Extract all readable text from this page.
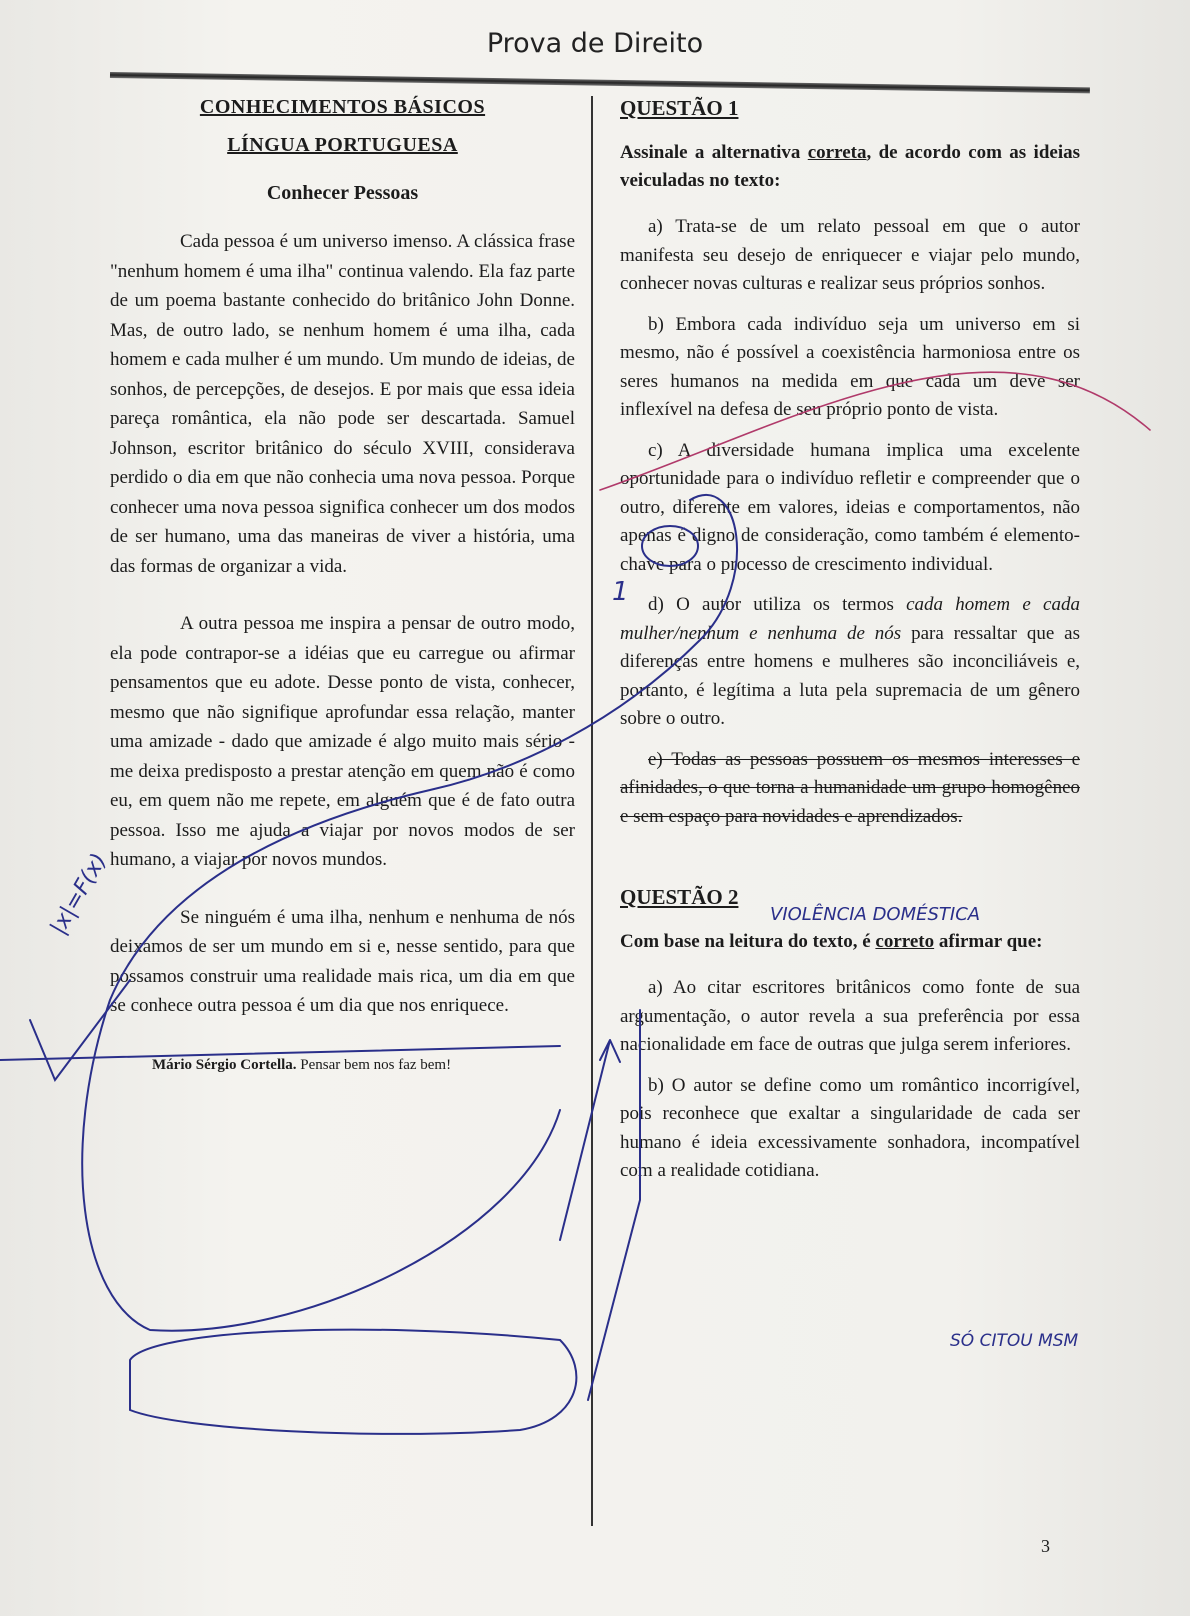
Prova de Direito

CONHECIMENTOS BÁSICOS

LÍNGUA PORTUGUESA

Conhecer Pessoas

Cada pessoa é um universo imenso. A clássica frase "nenhum homem é uma ilha" continua valendo. Ela faz parte de um poema bastante conhecido do britânico John Donne. Mas, de outro lado, se nenhum homem é uma ilha, cada homem e cada mulher é um mundo. Um mundo de ideias, de sonhos, de percepções, de desejos. E por mais que essa ideia pareça romântica, ela não pode ser descartada. Samuel Johnson, escritor britânico do século XVIII, considerava perdido o dia em que não conhecia uma nova pessoa. Porque conhecer uma nova pessoa significa conhecer um dos modos de ser humano, uma das maneiras de viver a história, uma das formas de organizar a vida.

A outra pessoa me inspira a pensar de outro modo, ela pode contrapor-se a idéias que eu carregue ou afirmar pensamentos que eu adote. Desse ponto de vista, conhecer, mesmo que não signifique aprofundar essa relação, manter uma amizade - dado que amizade é algo muito mais sério - me deixa predisposto a prestar atenção em quem não é como eu, em quem não me repete, em alguém que é de fato outra pessoa. Isso me ajuda a viajar por novos modos de ser humano, a viajar por novos mundos.

Se ninguém é uma ilha, nenhum e nenhuma de nós deixamos de ser um mundo em si e, nesse sentido, para que possamos construir uma realidade mais rica, um dia em que se conhece outra pessoa é um dia que nos enriquece.

Mário Sérgio Cortella. Pensar bem nos faz bem!

QUESTÃO 1

Assinale a alternativa correta, de acordo com as ideias veiculadas no texto:

a) Trata-se de um relato pessoal em que o autor manifesta seu desejo de enriquecer e viajar pelo mundo, conhecer novas culturas e realizar seus próprios sonhos.

b) Embora cada indivíduo seja um universo em si mesmo, não é possível a coexistência harmoniosa entre os seres humanos na medida em que cada um deve ser inflexível na defesa de seu próprio ponto de vista.

c) A diversidade humana implica uma excelente oportunidade para o indivíduo refletir e compreender que o outro, diferente em valores, ideias e comportamentos, não apenas é digno de consideração, como também é elemento-chave para o processo de crescimento individual.

d) O autor utiliza os termos cada homem e cada mulher/nenhum e nenhuma de nós para ressaltar que as diferenças entre homens e mulheres são inconciliáveis e, portanto, é legítima a luta pela supremacia de um gênero sobre o outro.

e) Todas as pessoas possuem os mesmos interesses e afinidades, o que torna a humanidade um grupo homogêneo e sem espaço para novidades e aprendizados.

QUESTÃO 2

Com base na leitura do texto, é correto afirmar que:

a) Ao citar escritores britânicos como fonte de sua argumentação, o autor revela a sua preferência por essa nacionalidade em face de outras que julga serem inferiores.

b) O autor se define como um romântico incorrigível, pois reconhece que exaltar a singularidade de cada ser humano é ideia excessivamente sonhadora, incompatível com a realidade cotidiana.

3
VIOLÊNCIA DOMÉSTICA
SÓ CITOU MSM
|x|=F(x)
1
